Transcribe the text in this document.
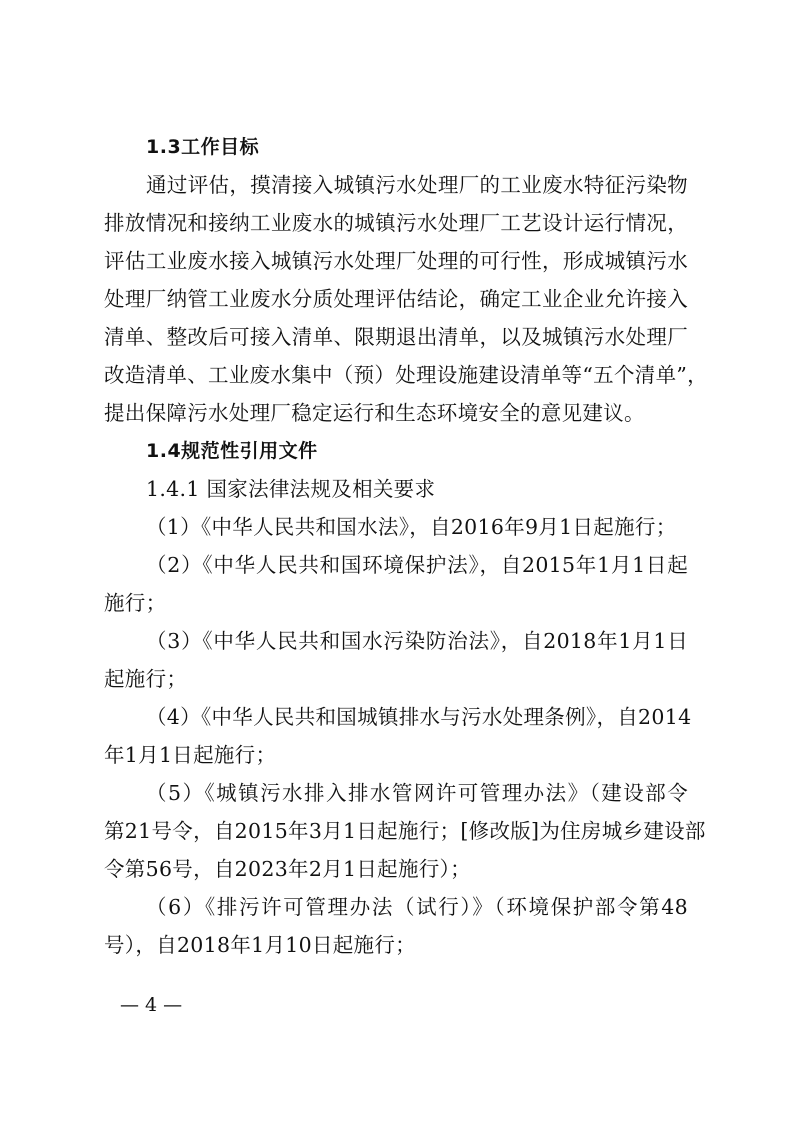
1.3工作目标
通过评估，摸清接入城镇污水处理厂的工业废水特征污染物
排放情况和接纳工业废水的城镇污水处理厂工艺设计运行情况，
评估工业废水接入城镇污水处理厂处理的可行性，形成城镇污水
处理厂纳管工业废水分质处理评估结论，确定工业企业允许接入
清单、整改后可接入清单、限期退出清单，以及城镇污水处理厂
改造清单、工业废水集中（预）处理设施建设清单等“五个清单”，
提出保障污水处理厂稳定运行和生态环境安全的意见建议。
1.4规范性引用文件
1.4.1 国家法律法规及相关要求
（1）《中华人民共和国水法》，自2016年9月1日起施行；
（2）《中华人民共和国环境保护法》，自2015年1月1日起
施行；
（3）《中华人民共和国水污染防治法》，自2018年1月1日
起施行；
（4）《中华人民共和国城镇排水与污水处理条例》，自2014
年1月1日起施行；
（5）《城镇污水排入排水管网许可管理办法》（建设部令
第21号令，自2015年3月1日起施行；[修改版]为住房城乡建设部
令第56号，自2023年2月1日起施行）；
（6）《排污许可管理办法（试行）》（环境保护部令第48
号），自2018年1月10日起施行；
— 4 —
